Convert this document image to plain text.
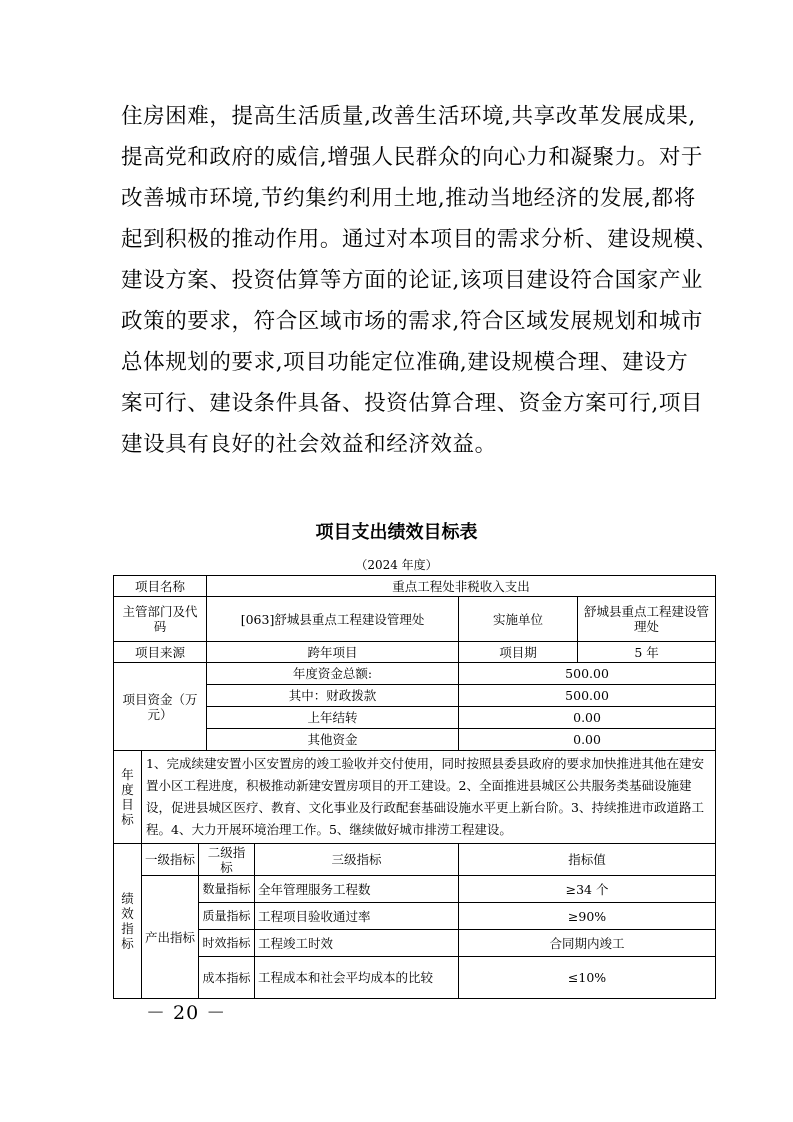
住房困难，提高生活质量,改善生活环境,共享改革发展成果,
提高党和政府的威信,增强人民群众的向心力和凝聚力。对于
改善城市环境,节约集约利用土地,推动当地经济的发展,都将
起到积极的推动作用。通过对本项目的需求分析、建设规模、
建设方案、投资估算等方面的论证,该项目建设符合国家产业
政策的要求，符合区域市场的需求,符合区域发展规划和城市
总体规划的要求,项目功能定位准确,建设规模合理、建设方
案可行、建设条件具备、投资估算合理、资金方案可行,项目
建设具有良好的社会效益和经济效益。
项目支出绩效目标表
（2024 年度）
项目名称			重点工程处非税收入支出			
主管部门及代码			[063]舒城县重点工程建设管理处		实施单位	舒城县重点工程建设管理处
项目来源			跨年项目		项目期	5 年
项目资金（万元）			年度资金总额:		500.00	
			其中：财政拨款		500.00	
			上年结转		0.00	
			其他资金		0.00	
年度目标	1、完成续建安置小区安置房的竣工验收并交付使用，同时按照县委县政府的要求加快推进其他在建安置小区工程进度，积极推动新建安置房项目的开工建设。2、全面推进县城区公共服务类基础设施建设，促进县城区医疗、教育、文化事业及行政配套基础设施水平更上新台阶。3、持续推进市政道路工程。4、大力开展环境治理工作。5、继续做好城市排涝工程建设。					
绩效指标	一级指标	二级指标		三级指标	指标值	
	产出指标	数量指标		全年管理服务工程数	≥34 个	
		质量指标		工程项目验收通过率	≥90%	
		时效指标		工程竣工时效	合同期内竣工	
		成本指标		工程成本和社会平均成本的比较	≤10%	
－ 20 －
